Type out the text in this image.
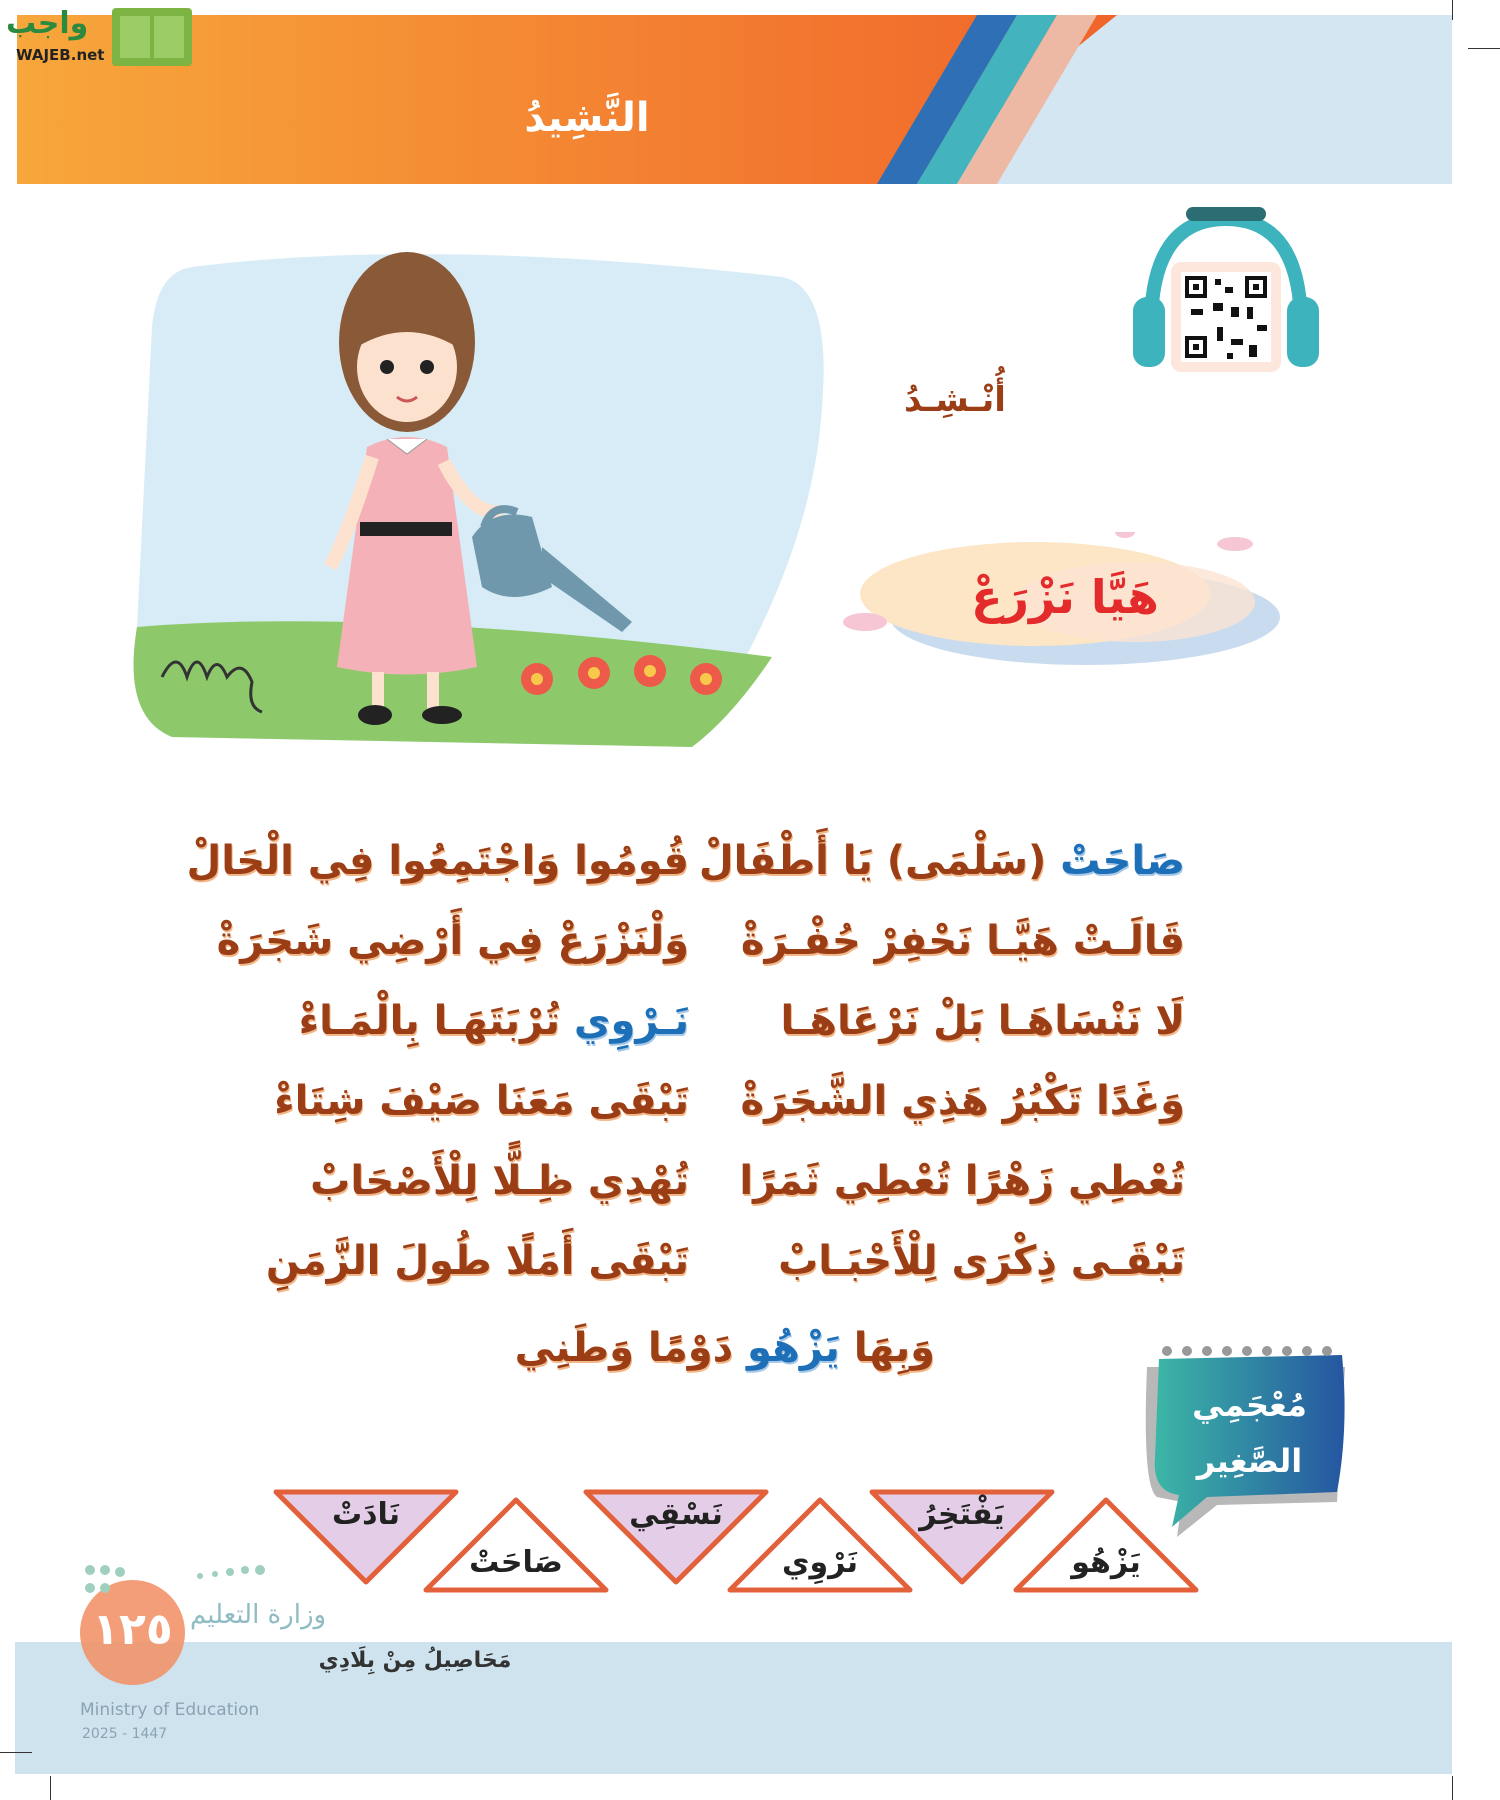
النَّشِيدُ
واجب
WAJEB.net
أُنْـشِـدُ
هَيَّا نَزْرَعْ
صَاحَتْ (سَلْمَى) يَا أَطْفَالْ
قُومُوا وَاجْتَمِعُوا فِي الْحَالْ
قَالَـتْ هَيَّـا نَحْفِرْ حُفْـرَةْ
وَلْنَزْرَعْ فِي أَرْضِي شَجَرَةْ
لَا نَنْسَاهَـا بَلْ نَرْعَاهَـا
نَـرْوِي تُرْبَتَهَـا بِالْمَـاءْ
وَغَدًا تَكْبُرُ هَذِي الشَّجَرَةْ
تَبْقَى مَعَنَا صَيْفَ شِتَاءْ
تُعْطِي زَهْرًا تُعْطِي ثَمَرًا
تُهْدِي ظِـلًّا لِلْأَصْحَابْ
تَبْقَـى ذِكْرَى لِلْأَحْبَـابْ
تَبْقَى أَمَلًا طُولَ الزَّمَنِ
وَبِهَا يَزْهُو دَوْمًا وَطَنِي
مُعْجَمِي
الصَّغِير
يَزْهُو
يَفْتَخِرُ
نَرْوِي
نَسْقِي
صَاحَتْ
نَادَتْ
١٢٥ وزارة التعليم
Ministry of Education
2025 - 1447
مَحَاصِيلُ مِنْ بِلَادِي
